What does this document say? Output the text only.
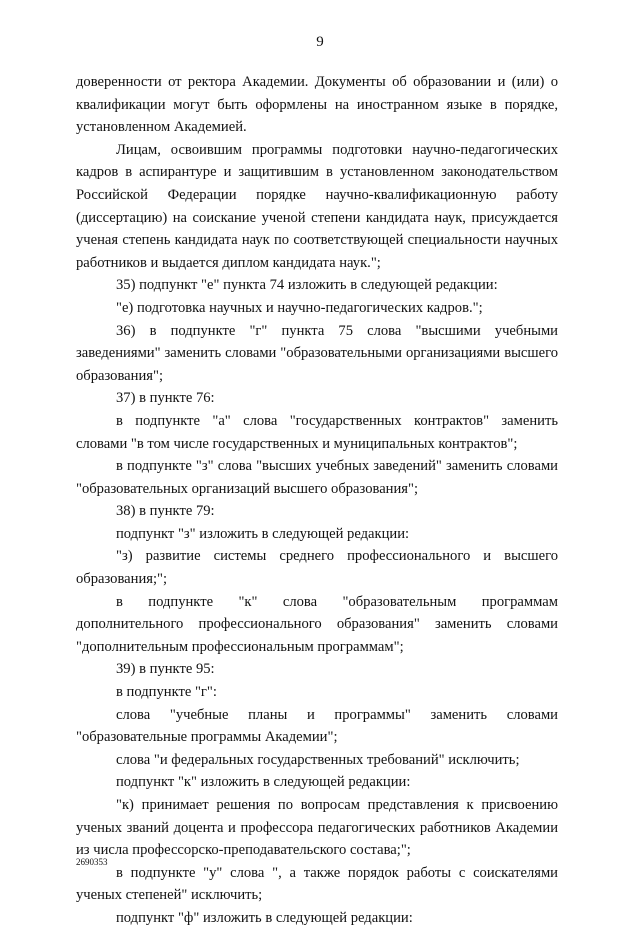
9

доверенности от ректора Академии. Документы об образовании и (или) о квалификации могут быть оформлены на иностранном языке в порядке, установленном Академией.

Лицам, освоившим программы подготовки научно-педагогических кадров в аспирантуре и защитившим в установленном законодательством Российской Федерации порядке научно-квалификационную работу (диссертацию) на соискание ученой степени кандидата наук, присуждается ученая степень кандидата наук по соответствующей специальности научных работников и выдается диплом кандидата наук.";

35) подпункт "е" пункта 74 изложить в следующей редакции:

"е) подготовка научных и научно-педагогических кадров.";

36) в подпункте "г" пункта 75 слова "высшими учебными заведениями" заменить словами "образовательными организациями высшего образования";

37) в пункте 76:

в подпункте "а" слова "государственных контрактов" заменить словами "в том числе государственных и муниципальных контрактов";

в подпункте "з" слова "высших учебных заведений" заменить словами "образовательных организаций высшего образования";

38) в пункте 79:

подпункт "з" изложить в следующей редакции:

"з) развитие системы среднего профессионального и высшего образования;";

в подпункте "к" слова "образовательным программам дополнительного профессионального образования" заменить словами "дополнительным профессиональным программам";

39) в пункте 95:

в подпункте "г":

слова "учебные планы и программы" заменить словами "образовательные программы Академии";

слова "и федеральных государственных требований" исключить;

подпункт "к" изложить в следующей редакции:

"к) принимает решения по вопросам представления к присвоению ученых званий доцента и профессора педагогических работников Академии из числа профессорско-преподавательского состава;";

в подпункте "у" слова ", а также порядок работы с соискателями ученых степеней" исключить;

подпункт "ф" изложить в следующей редакции:

2690353
